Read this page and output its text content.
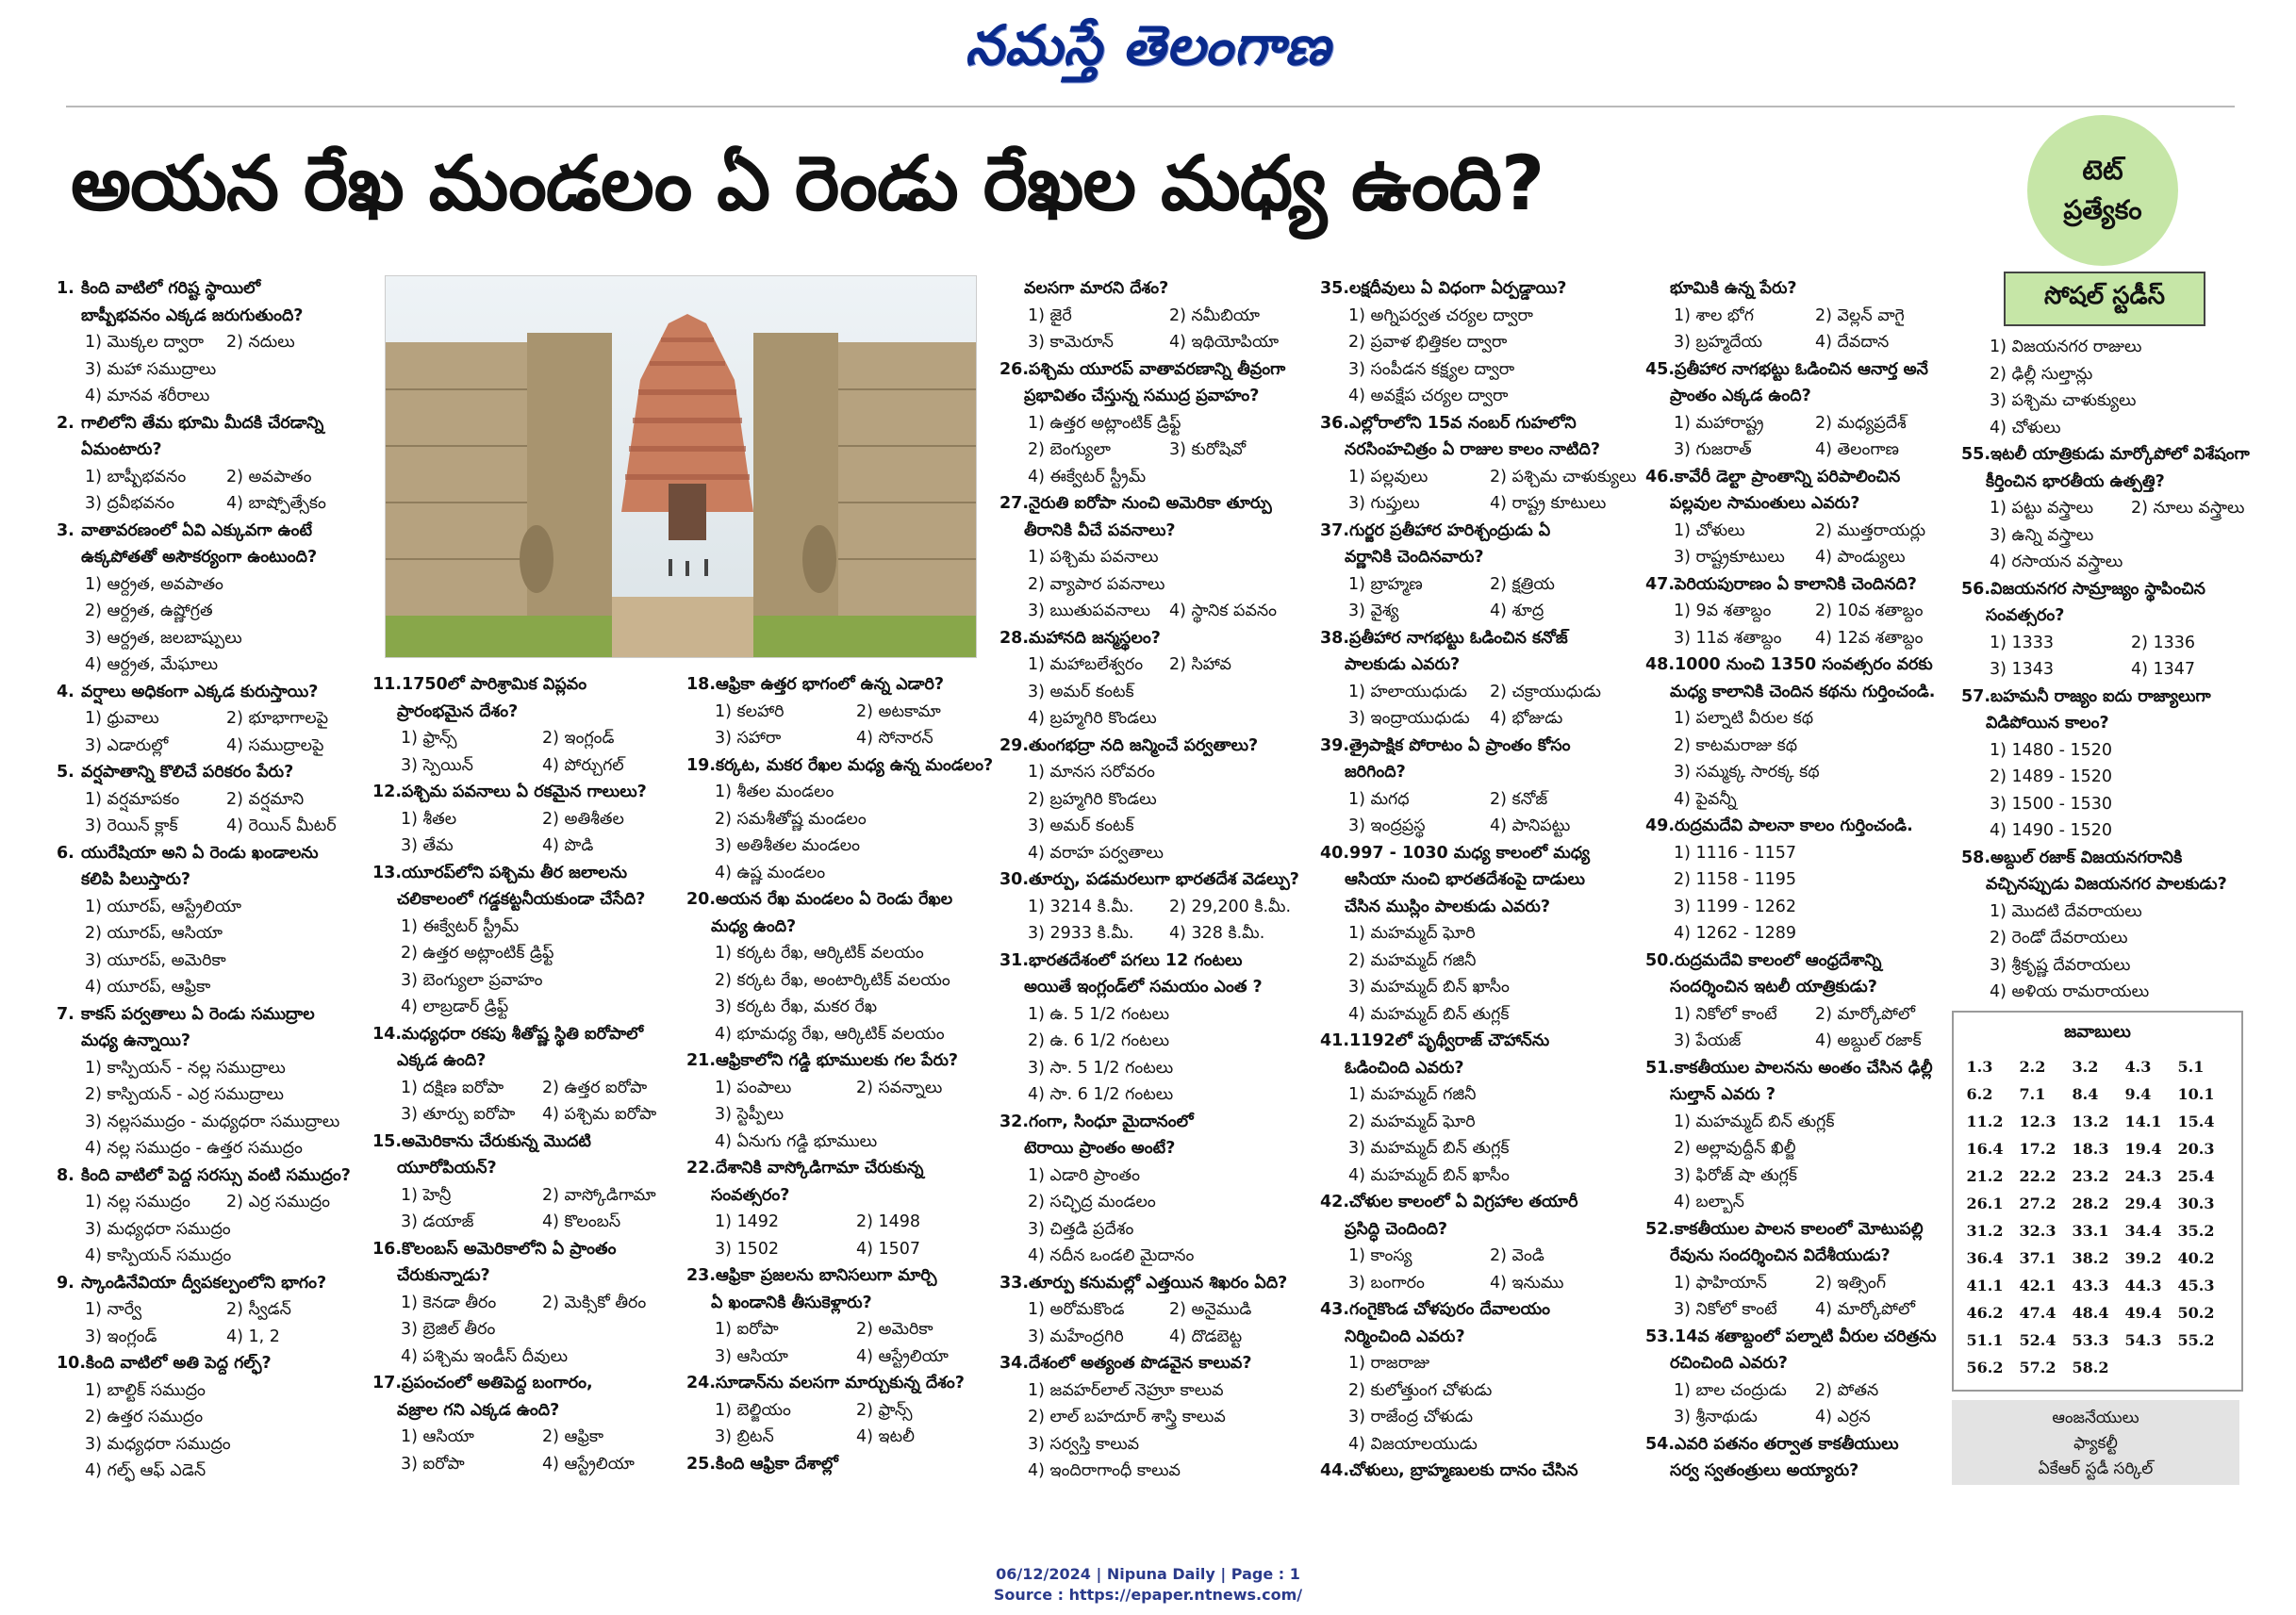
నమస్తే తెలంగాణ
అయన రేఖ మండలం ఏ రెండు రేఖల మధ్య ఉంది?	టెట్
ప్రత్యేకం
సోషల్ స్టడీస్
1. కింది వాటిలో గరిష్ట స్థాయిలో
బాష్పీభవనం ఎక్కడ జరుగుతుంది?
1) మొక్కల ద్వారా 2) నదులు
3) మహా సముద్రాలు
4) మానవ శరీరాలు
2. గాలిలోని తేమ భూమి మీదకి చేరడాన్ని
ఏమంటారు?
1) బాష్పీభవనం 2) అవపాతం
3) ద్రవీభవనం	4) బాష్పోత్సేకం
3. వాతావరణంలో ఏవి ఎక్కువగా ఉంటే
ఉక్కపోతతో అసౌకర్యంగా ఉంటుంది?
1) ఆర్ద్రత, అవపాతం
2) ఆర్ద్రత, ఉష్ణోగ్రత
3) ఆర్ద్రత, జలబాష్పులు
4) ఆర్ద్రత, మేఘాలు
4. వర్షాలు అధికంగా ఎక్కడ కురుస్తాయి?
1) ధ్రువాలు	2) భూభాగాలపై
3) ఎడారుల్లో	4) సముద్రాలపై
5. వర్షపాతాన్ని కొలిచే పరికరం పేరు?
1) వర్షమాపకం	2) వర్షమాని
3) రెయిన్ క్లాక్	4) రెయిన్ మీటర్
6. యురేషియా అని ఏ రెండు ఖండాలను
కలిపి పిలుస్తారు?
1) యూరప్, ఆస్ట్రేలియా
2) యూరప్, ఆసియా
3) యూరప్, అమెరికా
4) యూరప్, ఆఫ్రికా
7. కాకస్ పర్వతాలు ఏ రెండు సముద్రాల
మధ్య ఉన్నాయి?
1) కాస్పియన్ - నల్ల సముద్రాలు
2) కాస్పియన్ - ఎర్ర సముద్రాలు
3) నల్లసముద్రం - మధ్యధరా సముద్రాలు
4) నల్ల సముద్రం - ఉత్తర సముద్రం
8. కింది వాటిలో పెద్ద సరస్సు వంటి సముద్రం?
1) నల్ల సముద్రం 2) ఎర్ర సముద్రం
3) మధ్యధరా సముద్రం
4) కాస్పియన్ సముద్రం
9. స్కాండినేవియా ద్వీపకల్పంలోని భాగం?
1) నార్వే	2) స్వీడన్
3) ఇంగ్లండ్	4) 1, 2
10.కింది వాటిలో అతి పెద్ద గల్ఫ్?
1) బాల్టిక్ సముద్రం
2) ఉత్తర సముద్రం
3) మధ్యధరా సముద్రం
4) గల్ఫ్ ఆఫ్ ఎడెన్
11.1750లో పారిశ్రామిక విప్లవం
ప్రారంభమైన దేశం?
1) ఫ్రాన్స్	2) ఇంగ్లండ్
3) స్పెయిన్	4) పోర్చుగల్
12.పశ్చిమ పవనాలు ఏ రకమైన గాలులు?
1) శీతల	2) అతిశీతల
3) తేమ	4) పొడి
13.యూరప్‌లోని పశ్చిమ తీర జలాలను
చలికాలంలో గడ్డకట్టనీయకుండా చేసేది?
1) ఈక్వేటర్ స్ట్రీమ్
2) ఉత్తర అట్లాంటిక్ డ్రిఫ్ట్
3) బెంగ్యులా ప్రవాహం
4) లాబ్రడార్ డ్రిఫ్ట్
14.మధ్యధరా రకపు శీతోష్ణ స్థితి ఐరోపాలో
ఎక్కడ ఉంది?
1) దక్షిణ ఐరోపా 2) ఉత్తర ఐరోపా
3) తూర్పు ఐరోపా 4) పశ్చిమ ఐరోపా
15.అమెరికాను చేరుకున్న మొదటి
యూరోపియన్?
1) హెన్రీ	2) వాస్కోడిగామా
3) డయాజ్	4) కొలంబస్
16.కొలంబస్ అమెరికాలోని ఏ ప్రాంతం
చేరుకున్నాడు?
1) కెనడా తీరం	2) మెక్సికో తీరం
3) బ్రెజిల్ తీరం
4) పశ్చిమ ఇండీస్ దీవులు
17.ప్రపంచంలో అతిపెద్ద బంగారం,
వజ్రాల గని ఎక్కడ ఉంది?
1) ఆసియా	2) ఆఫ్రికా
3) ఐరోపా	4) ఆస్ట్రేలియా
18.ఆఫ్రికా ఉత్తర భాగంలో ఉన్న ఎడారి?
1) కలహారి	2) అటకామా
3) సహారా	4) సోనారన్
19.కర్కట, మకర రేఖల మధ్య ఉన్న మండలం?
1) శీతల మండలం
2) సమశీతోష్ణ మండలం
3) అతిశీతల మండలం
4) ఉష్ణ మండలం
20.అయన రేఖ మండలం ఏ రెండు రేఖల
మధ్య ఉంది?
1) కర్కట రేఖ, ఆర్కిటిక్ వలయం
2) కర్కట రేఖ, అంటార్కిటిక్ వలయం
3) కర్కట రేఖ, మకర రేఖ
4) భూమధ్య రేఖ, ఆర్కిటిక్ వలయం
21.ఆఫ్రికాలోని గడ్డి భూములకు గల పేరు?
1) పంపాలు	2) సవన్నాలు
3) స్టెప్పీలు
4) ఏనుగు గడ్డి భూములు
22.దేశానికి వాస్కోడిగామా చేరుకున్న
సంవత్సరం?
1) 1492	2) 1498
3) 1502	4) 1507
23.ఆఫ్రికా ప్రజలను బానిసలుగా మార్చి
ఏ ఖండానికి తీసుకెళ్లారు?
1) ఐరోపా	2) అమెరికా
3) ఆసియా	4) ఆస్ట్రేలియా
24.సూడాన్‌ను వలసగా మార్చుకున్న దేశం?
1) బెల్జియం	2) ఫ్రాన్స్
3) బ్రిటన్	4) ఇటలీ
25.కింది ఆఫ్రికా దేశాల్లో
వలసగా మారని దేశం?
1) జైరే	2) నమీబియా
3) కామెరూన్	4) ఇథియోపియా
26.పశ్చిమ యూరప్ వాతావరణాన్ని తీవ్రంగా
ప్రభావితం చేస్తున్న సముద్ర ప్రవాహం?
1) ఉత్తర అట్లాంటిక్ డ్రిఫ్ట్
2) బెంగ్యులా	3) కురోషివో
4) ఈక్వేటర్ స్ట్రీమ్
27.నైరుతి ఐరోపా నుంచి అమెరికా తూర్పు
తీరానికి వీచే పవనాలు?
1) పశ్చిమ పవనాలు
2) వ్యాపార పవనాలు
3) ఋతుపవనాలు 4) స్థానిక పవనం
28.మహానది జన్మస్థలం?
1) మహాబలేశ్వరం 2) సిహావ
3) అమర్ కంటక్
4) బ్రహ్మగిరి కొండలు
29.తుంగభద్రా నది జన్మించే పర్వతాలు?
1) మానస సరోవరం
2) బ్రహ్మగిరి కొండలు
3) అమర్ కంటక్
4) వరాహ పర్వతాలు
30.తూర్పు, పడమరలుగా భారతదేశ వెడల్పు?
1) 3214 కి.మీ. 2) 29,200 కి.మీ.
3) 2933 కి.మీ. 4) 328 కి.మీ.
31.భారతదేశంలో పగలు 12 గంటలు
అయితే ఇంగ్లండ్‌లో సమయం ఎంత ?
1) ఉ. 5 1/2 గంటలు
2) ఉ. 6 1/2 గంటలు
3) సా. 5 1/2 గంటలు
4) సా. 6 1/2 గంటలు
32.గంగా, సింధూ మైదానంలో
టెరాయి ప్రాంతం అంటే?
1) ఎడారి ప్రాంతం
2) సచ్ఛిద్ర మండలం
3) చిత్తడి ప్రదేశం
4) నదీన ఒండలి మైదానం
33.తూర్పు కనుమల్లో ఎత్తయిన శిఖరం ఏది?
1) అరోమకొండ	2) అనైముడి
3) మహేంద్రగిరి	4) దొడబెట్ట
34.దేశంలో అత్యంత పొడవైన కాలువ?
1) జవహర్‌లాల్ నెహ్రూ కాలువ
2) లాల్ బహదూర్ శాస్త్రి కాలువ
3) సర్వస్తి కాలువ
4) ఇందిరాగాంధీ కాలువ
35.లక్షదీవులు ఏ విధంగా ఏర్పడ్డాయి?
1) అగ్నిపర్వత చర్యల ద్వారా
2) ప్రవాళ భిత్తికల ద్వారా
3) సంపీడన కక్ష్యల ద్వారా
4) అవక్షేప చర్యల ద్వారా
36.ఎల్లోరాలోని 15వ నంబర్ గుహలోని
నరసింహచిత్రం ఏ రాజుల కాలం నాటిది?
1) పల్లవులు	2) పశ్చిమ చాళుక్యులు
3) గుప్తులు	4) రాష్ట్ర కూటులు
37.గుర్జర ప్రతీహార హరిశ్చంద్రుడు ఏ
వర్ణానికి చెందినవారు?
1) బ్రాహ్మణ	2) క్షత్రియ
3) వైశ్య	4) శూద్ర
38.ప్రతీహార నాగభట్టు ఓడించిన కనోజ్
పాలకుడు ఎవరు?
1) హలాయుధుడు 2) చక్రాయుధుడు
3) ఇంద్రాయుధుడు 4) భోజుడు
39.త్రైపాక్షిక పోరాటం ఏ ప్రాంతం కోసం
జరిగింది?
1) మగధ	2) కనోజ్
3) ఇంద్రప్రస్థ	4) పానిపట్టు
40.997 - 1030 మధ్య కాలంలో మధ్య
ఆసియా నుంచి భారతదేశంపై దాడులు
చేసిన ముస్లిం పాలకుడు ఎవరు?
1) మహమ్మద్ ఘోరి
2) మహమ్మద్ గజినీ
3) మహమ్మద్ బిన్ ఖాసీం
4) మహమ్మద్ బిన్ తుగ్లక్
41.1192లో పృథ్వీరాజ్ చౌహాన్‌ను
ఓడించింది ఎవరు?
1) మహమ్మద్ గజినీ
2) మహమ్మద్ ఘోరి
3) మహమ్మద్ బిన్ తుగ్లక్
4) మహమ్మద్ బిన్ ఖాసీం
42.చోళుల కాలంలో ఏ విగ్రహాల తయారీ
ప్రసిద్ధి చెందింది?
1) కాంస్య	2) వెండి
3) బంగారం	4) ఇనుము
43.గంగైకొండ చోళపురం దేవాలయం
నిర్మించింది ఎవరు?
1) రాజరాజు
2) కులోత్తుంగ చోళుడు
3) రాజేంద్ర చోళుడు
4) విజయాలయుడు
44.చోళులు, బ్రాహ్మణులకు దానం చేసిన
భూమికి ఉన్న పేరు?
1) శాల భోగ	2) వెల్లన్ వాగై
3) బ్రహ్మదేయ	4) దేవదాన
45.ప్రతీహార నాగభట్టు ఓడించిన ఆనార్త అనే
ప్రాంతం ఎక్కడ ఉంది?
1) మహారాష్ట్ర	2) మధ్యప్రదేశ్
3) గుజరాత్	4) తెలంగాణ
46.కావేరీ డెల్టా ప్రాంతాన్ని పరిపాలించిన
పల్లవుల సామంతులు ఎవరు?
1) చోళులు	2) ముత్తరాయర్లు
3) రాష్ట్రకూటులు 4) పాండ్యులు
47.పెరియపురాణం ఏ కాలానికి చెందినది?
1) 9వ శతాబ్దం	2) 10వ శతాబ్దం
3) 11వ శతాబ్దం 4) 12వ శతాబ్దం
48.1000 నుంచి 1350 సంవత్సరం వరకు
మధ్య కాలానికి చెందిన కథను గుర్తించండి.
1) పల్నాటి వీరుల కథ
2) కాటమరాజు కథ
3) సమ్మక్క సారక్క కథ
4) పైవన్నీ
49.రుద్రమదేవి పాలనా కాలం గుర్తించండి.
1) 1116 - 1157
2) 1158 - 1195
3) 1199 - 1262
4) 1262 - 1289
50.రుద్రమదేవి కాలంలో ఆంధ్రదేశాన్ని
సందర్శించిన ఇటలీ యాత్రికుడు?
1) నికోలో కాంటే 2) మార్కోపోలో
3) పేయజ్	4) అబ్దుల్ రజాక్
51.కాకతీయుల పాలనను అంతం చేసిన ఢిల్లీ
సుల్తాన్ ఎవరు ?
1) మహమ్మద్ బిన్ తుగ్లక్
2) అల్లావుద్దీన్ ఖిల్జీ
3) ఫిరోజ్ షా తుగ్లక్
4) బల్బాన్
52.కాకతీయుల పాలన కాలంలో మోటుపల్లి
రేవును సందర్శించిన విదేశీయుడు?
1) ఫాహియాన్	2) ఇత్సింగ్
3) నికోలో కాంటే 4) మార్కోపోలో
53.14వ శతాబ్దంలో పల్నాటి వీరుల చరిత్రను
రచించింది ఎవరు?
1) బాల చంద్రుడు 2) పోతన
3) శ్రీనాథుడు	4) ఎర్రన
54.ఎవరి పతనం తర్వాత కాకతీయులు
సర్వ స్వతంత్రులు అయ్యారు?
1) విజయనగర రాజులు
2) ఢిల్లీ సుల్తాన్లు
3) పశ్చిమ చాళుక్యులు
4) చోళులు
55.ఇటలీ యాత్రికుడు మార్కోపోలో విశేషంగా
కీర్తించిన భారతీయ ఉత్పత్తి?
1) పట్టు వస్త్రాలు 2) నూలు వస్త్రాలు
3) ఉన్ని వస్త్రాలు
4) రసాయన వస్త్రాలు
56.విజయనగర సామ్రాజ్యం స్థాపించిన
సంవత్సరం?
1) 1333	2) 1336
3) 1343	4) 1347
57.బహమనీ రాజ్యం ఐదు రాజ్యాలుగా
విడిపోయిన కాలం?
1) 1480 - 1520
2) 1489 - 1520
3) 1500 - 1530
4) 1490 - 1520
58.అబ్దుల్ రజాక్ విజయనగరానికి
వచ్చినప్పుడు విజయనగర పాలకుడు?
1) మొదటి దేవరాయలు
2) రెండో దేవరాయలు
3) శ్రీకృష్ణ దేవరాయలు
4) అళియ రామరాయలు
జవాబులు
1.3	2.2	3.2	4.3	5.1
6.2	7.1	8.4	9.4	10.1
11.2	12.3	13.2	14.1	15.4
16.4	17.2	18.3	19.4	20.3
21.2	22.2	23.2	24.3	25.4
26.1	27.2	28.2	29.4	30.3
31.2	32.3	33.1	34.4	35.2
36.4	37.1	38.2	39.2	40.2
41.1	42.1	43.3	44.3	45.3
46.2	47.4	48.4	49.4	50.2
51.1	52.4	53.3	54.3	55.2
56.2	57.2	58.2		
ఆంజనేయులు
ఫ్యాకల్టీ
ఏకేఆర్ స్టడీ సర్కిల్
06/12/2024 | Nipuna Daily | Page : 1
Source : https://epaper.ntnews.com/
